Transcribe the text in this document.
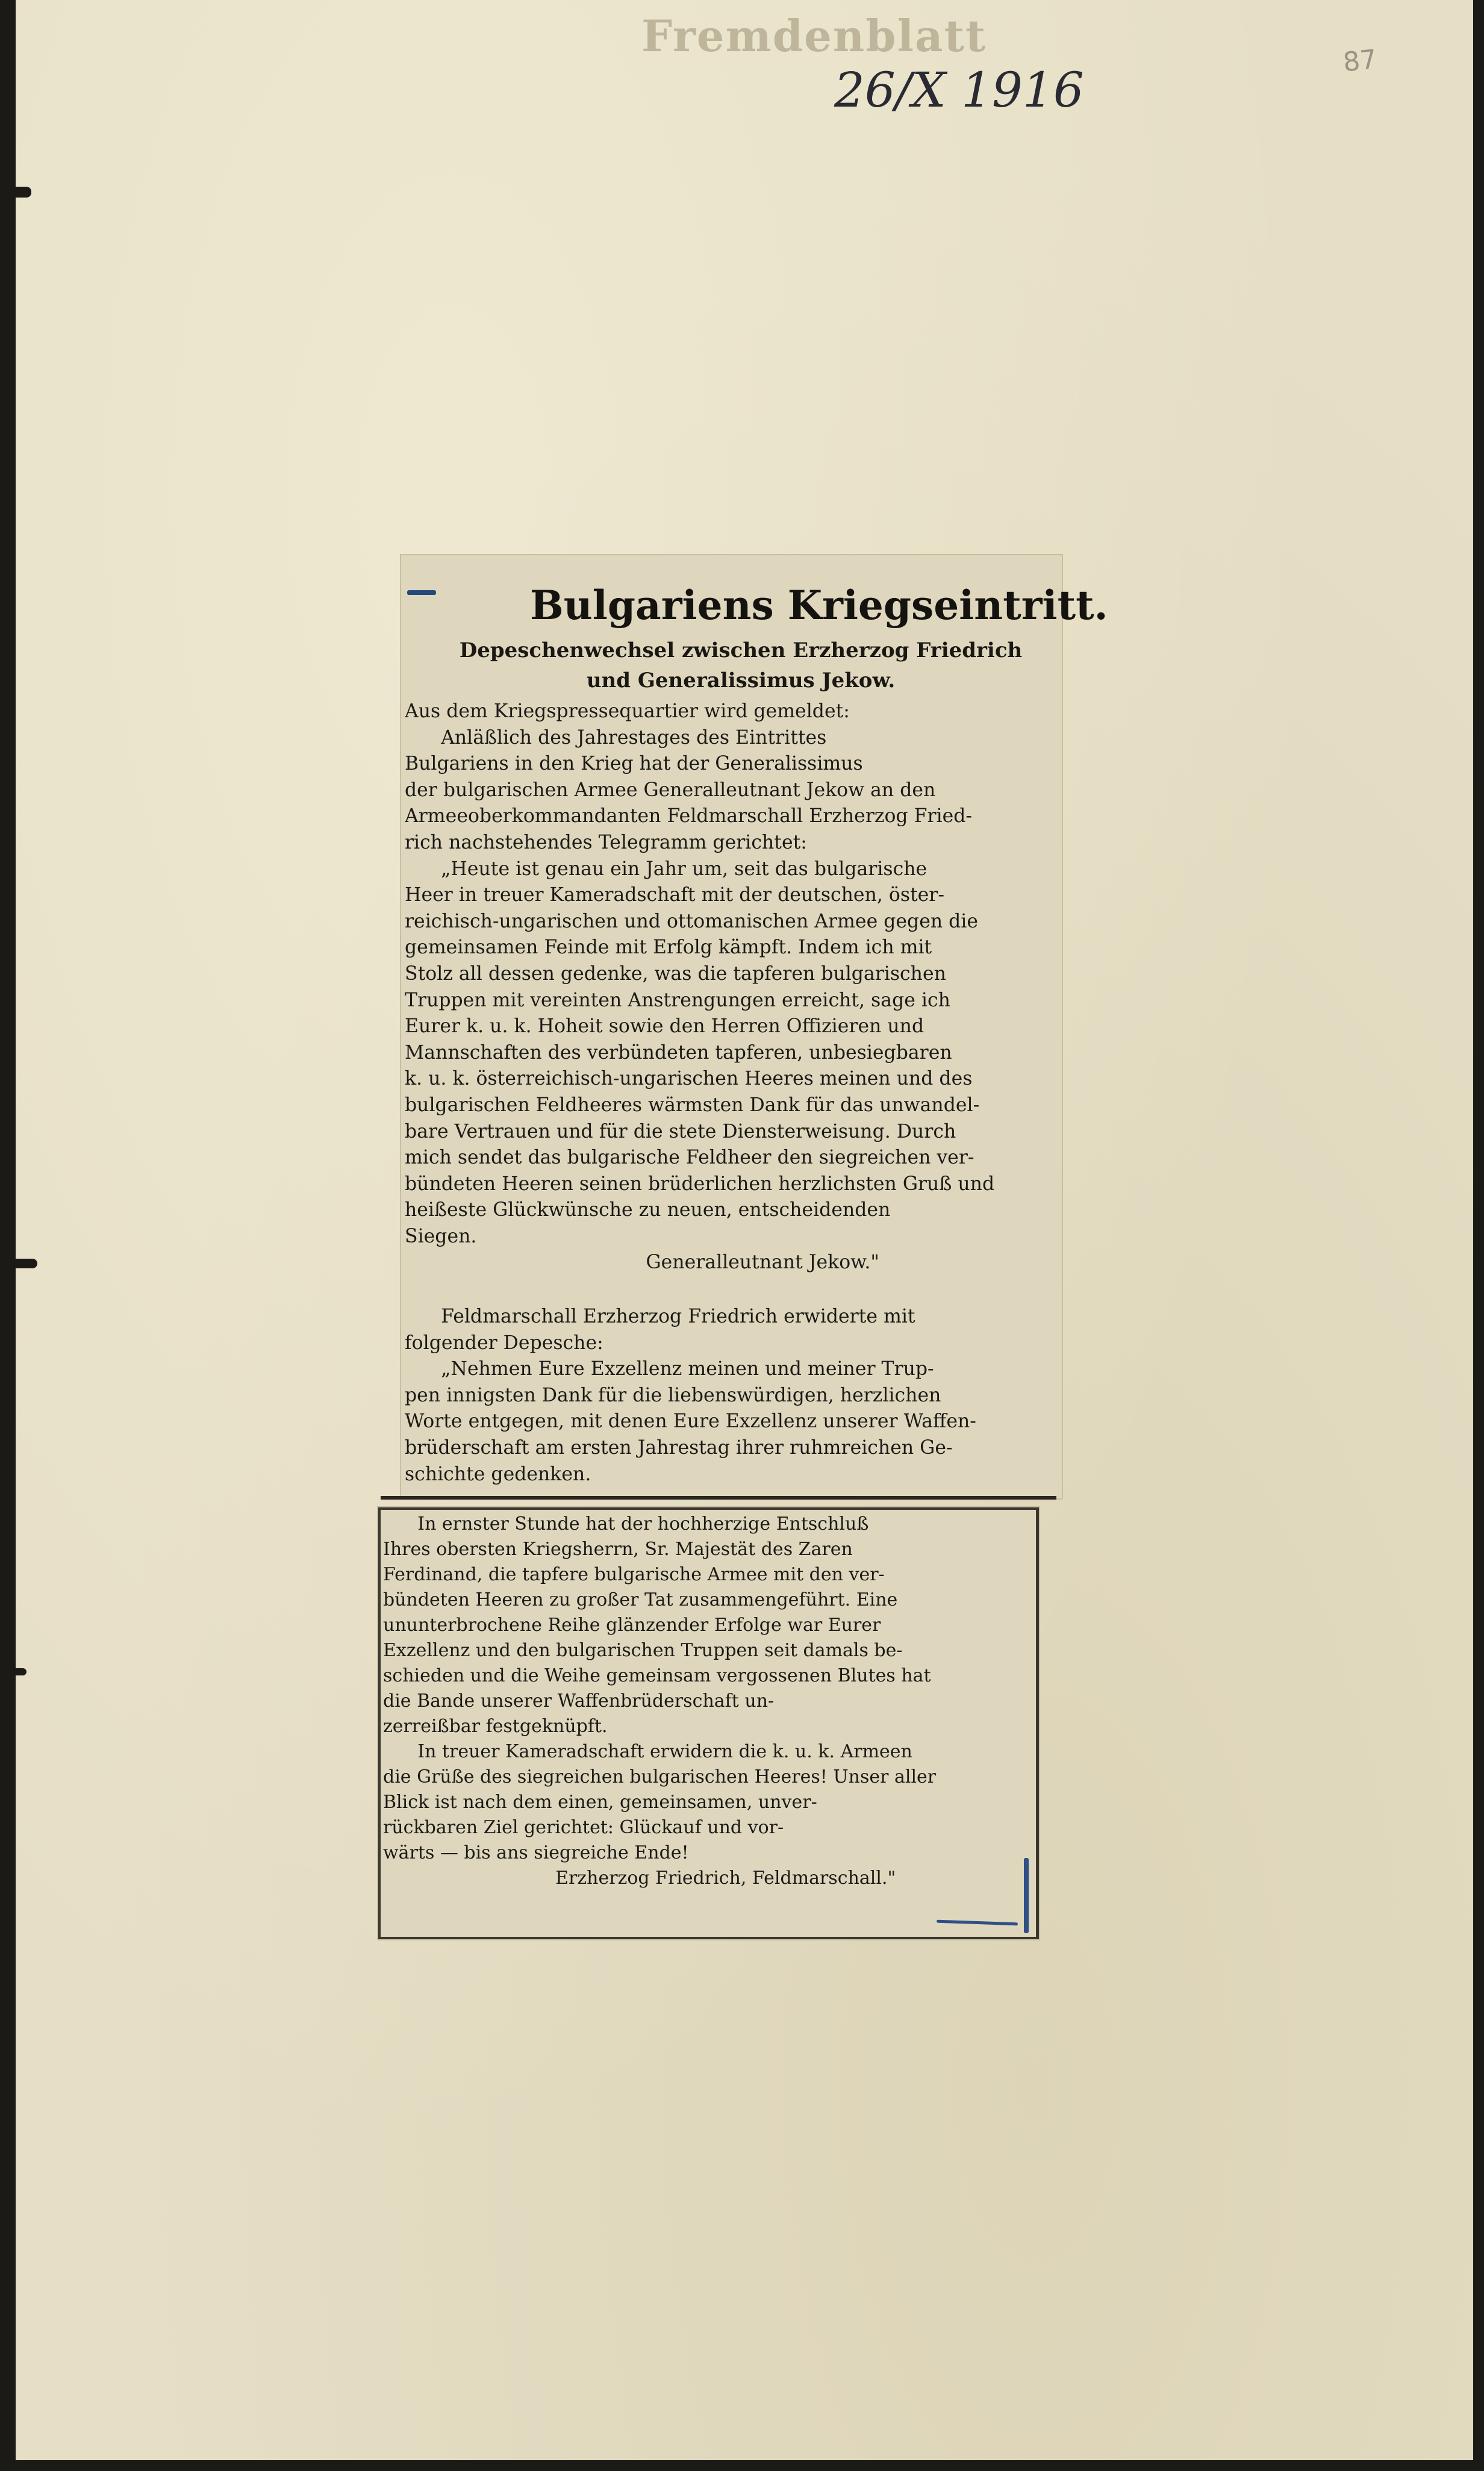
Fremdenblatt
26/X 1916
87
Bulgariens Kriegseintritt.
Depeschenwechsel zwischen Erzherzog Friedrich und Generalissimus Jekow.
Aus dem Kriegspressequartier wird gemeldet:
Anläßlich des Jahrestages des Eintrittes
Bulgariens in den Krieg hat der Generalissimus
der bulgarischen Armee Generalleutnant Jekow an den
Armeeoberkommandanten Feldmarschall Erzherzog Fried-
rich nachstehendes Telegramm gerichtet:
„Heute ist genau ein Jahr um, seit das bulgarische
Heer in treuer Kameradschaft mit der deutschen, öster-
reichisch-ungarischen und ottomanischen Armee gegen die
gemeinsamen Feinde mit Erfolg kämpft. Indem ich mit
Stolz all dessen gedenke, was die tapferen bulgarischen
Truppen mit vereinten Anstrengungen erreicht, sage ich
Eurer k. u. k. Hoheit sowie den Herren Offizieren und
Mannschaften des verbündeten tapferen, unbesiegbaren
k. u. k. österreichisch-ungarischen Heeres meinen und des
bulgarischen Feldheeres wärmsten Dank für das unwandel-
bare Vertrauen und für die stete Diensterweisung. Durch
mich sendet das bulgarische Feldheer den siegreichen ver-
bündeten Heeren seinen brüderlichen herzlichsten Gruß und
heißeste Glückwünsche zu neuen, entscheidenden
Siegen.
Generalleutnant Jekow."
Feldmarschall Erzherzog Friedrich erwiderte mit
folgender Depesche:
„Nehmen Eure Exzellenz meinen und meiner Trup-
pen innigsten Dank für die liebenswürdigen, herzlichen
Worte entgegen, mit denen Eure Exzellenz unserer Waffen-
brüderschaft am ersten Jahrestag ihrer ruhmreichen Ge-
schichte gedenken.
In ernster Stunde hat der hochherzige Entschluß
Ihres obersten Kriegsherrn, Sr. Majestät des Zaren
Ferdinand, die tapfere bulgarische Armee mit den ver-
bündeten Heeren zu großer Tat zusammengeführt. Eine
ununterbrochene Reihe glänzender Erfolge war Eurer
Exzellenz und den bulgarischen Truppen seit damals be-
schieden und die Weihe gemeinsam vergossenen Blutes hat
die Bande unserer Waffenbrüderschaft un-
zerreißbar festgeknüpft.
In treuer Kameradschaft erwidern die k. u. k. Armeen
die Grüße des siegreichen bulgarischen Heeres! Unser aller
Blick ist nach dem einen, gemeinsamen, unver-
rückbaren Ziel gerichtet: Glückauf und vor-
wärts — bis ans siegreiche Ende!
Erzherzog Friedrich, Feldmarschall."
